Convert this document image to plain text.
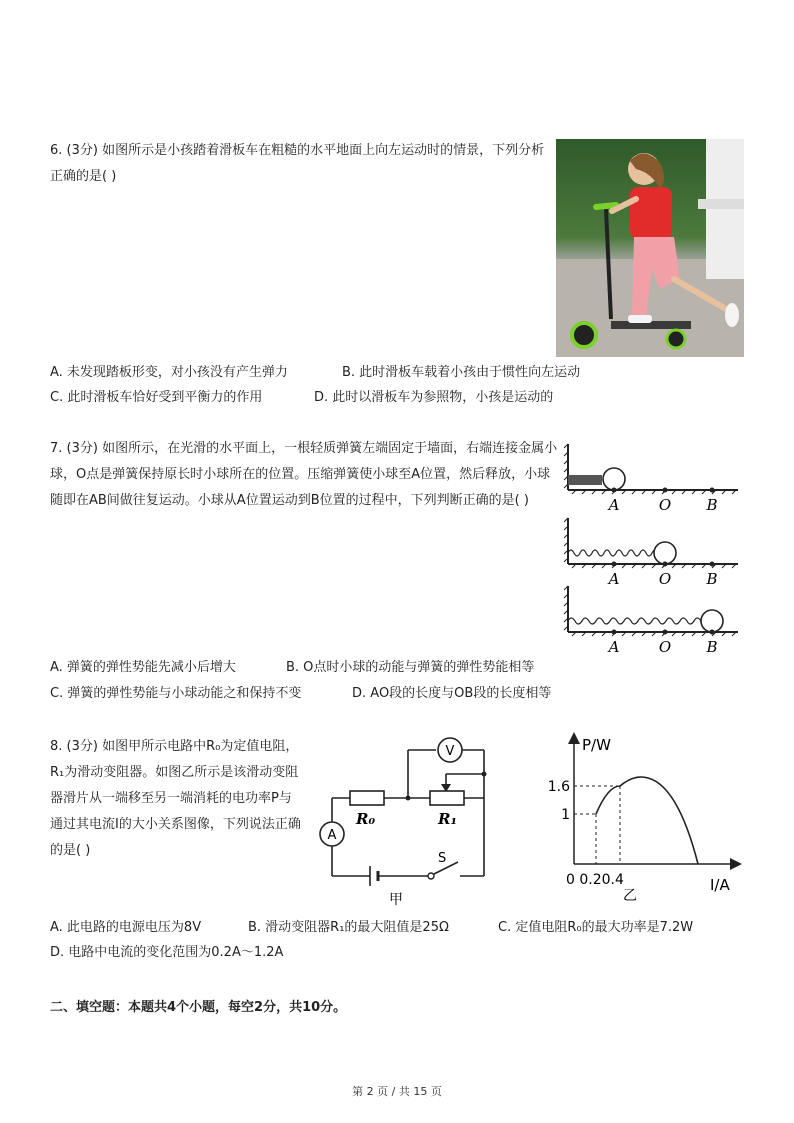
6. (3分) 如图所示是小孩踏着滑板车在粗糙的水平地面上向左运动时的情景，下列分析正确的是( )
A. 未发现踏板形变，对小孩没有产生弹力	B. 此时滑板车载着小孩由于惯性向左运动
C. 此时滑板车恰好受到平衡力的作用	D. 此时以滑板车为参照物，小孩是运动的
7. (3分) 如图所示，在光滑的水平面上，一根轻质弹簧左端固定于墙面，右端连接金属小球，O点是弹簧保持原长时小球所在的位置。压缩弹簧使小球至A位置，然后释放，小球随即在AB间做往复运动。小球从A位置运动到B位置的过程中，下列判断正确的是( )	A	O B
A	O B
A	O B
A. 弹簧的弹性势能先减小后增大	B. O点时小球的动能与弹簧的弹性势能相等
C. 弹簧的弹性势能与小球动能之和保持不变	D. AO段的长度与OB段的长度相等
8. (3分) 如图甲所示电路中R₀为定值电阻，R₁为滑动变阻器。如图乙所示是该滑动变阻器滑片从一端移至另一端消耗的电功率P与通过其电流I的大小关系图像，下列说法正确的是( )
V
R₀	R₁
A
S
甲
P/W
I/A
1.6
1
0 0.20.4
乙
A. 此电路的电源电压为8V	B. 滑动变阻器R₁的最大阻值是25Ω	C. 定值电阻R₀的最大功率是7.2W
D. 电路中电流的变化范围为0.2A～1.2A
二、填空题：本题共4个小题，每空2分，共10分。
第 2 页 / 共 15 页
